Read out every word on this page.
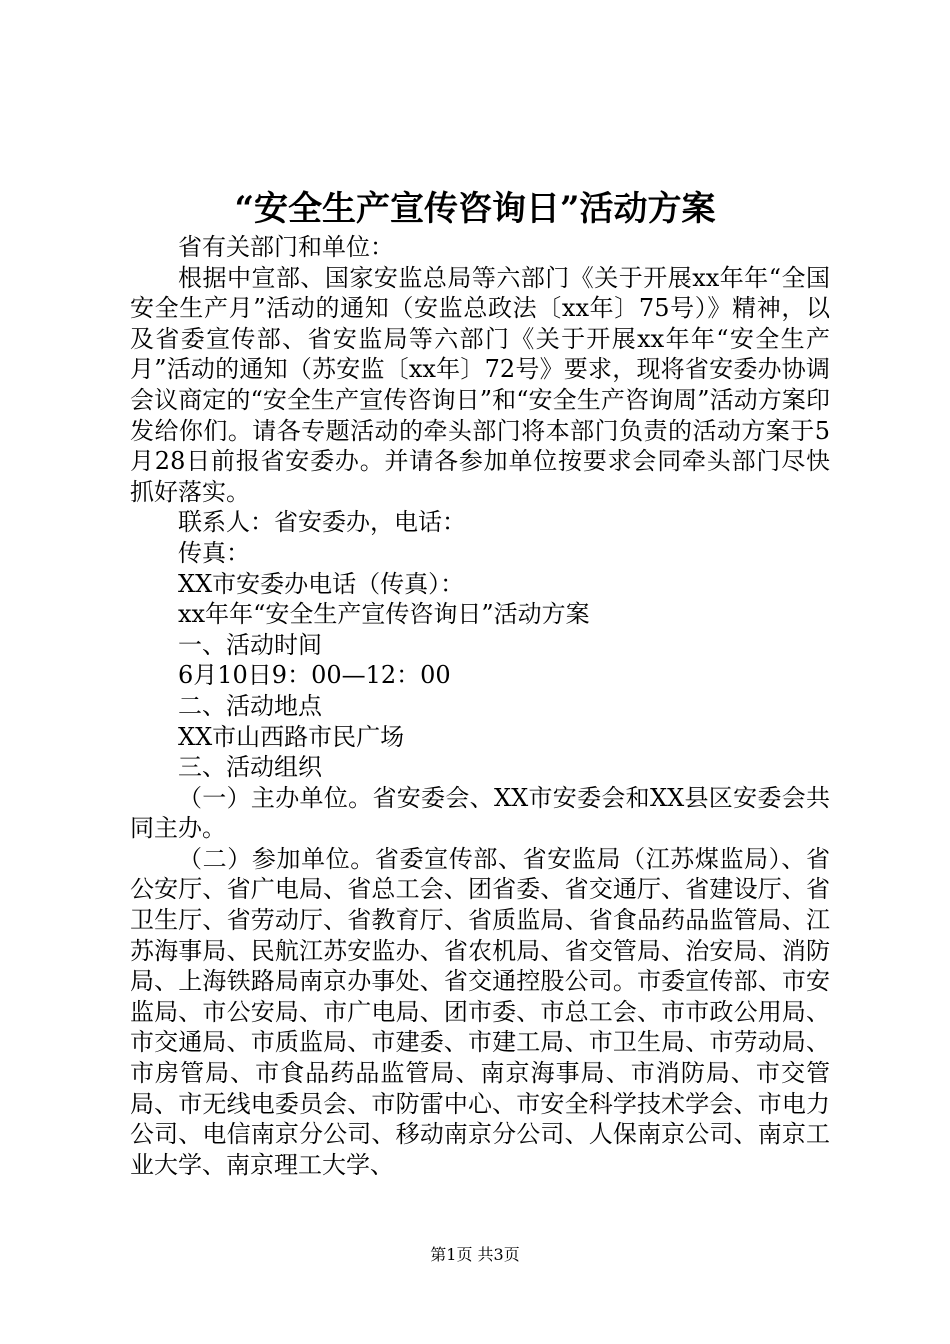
“安全生产宣传咨询日”活动方案

省有关部门和单位：

根据中宣部、国家安监总局等六部门《关于开展xx年年“全国安全生产月”活动的通知（安监总政法〔xx年〕75号）》精神，以及省委宣传部、省安监局等六部门《关于开展xx年年“安全生产月”活动的通知（苏安监〔xx年〕72号》要求，现将省安委办协调会议商定的“安全生产宣传咨询日”和“安全生产咨询周”活动方案印发给你们。请各专题活动的牵头部门将本部门负责的活动方案于5月28日前报省安委办。并请各参加单位按要求会同牵头部门尽快抓好落实。

联系人：省安委办，电话：

传真：

XX市安委办电话（传真）：

xx年年“安全生产宣传咨询日”活动方案

一、活动时间

6月10日9：00—12：00

二、活动地点

XX市山西路市民广场

三、活动组织

（一）主办单位。省安委会、XX市安委会和XX县区安委会共同主办。

（二）参加单位。省委宣传部、省安监局（江苏煤监局）、省公安厅、省广电局、省总工会、团省委、省交通厅、省建设厅、省卫生厅、省劳动厅、省教育厅、省质监局、省食品药品监管局、江苏海事局、民航江苏安监办、省农机局、省交管局、治安局、消防局、上海铁路局南京办事处、省交通控股公司。市委宣传部、市安监局、市公安局、市广电局、团市委、市总工会、市市政公用局、市交通局、市质监局、市建委、市建工局、市卫生局、市劳动局、市房管局、市食品药品监管局、南京海事局、市消防局、市交管局、市无线电委员会、市防雷中心、市安全科学技术学会、市电力公司、电信南京分公司、移动南京分公司、人保南京公司、南京工业大学、南京理工大学、

第1页 共3页
